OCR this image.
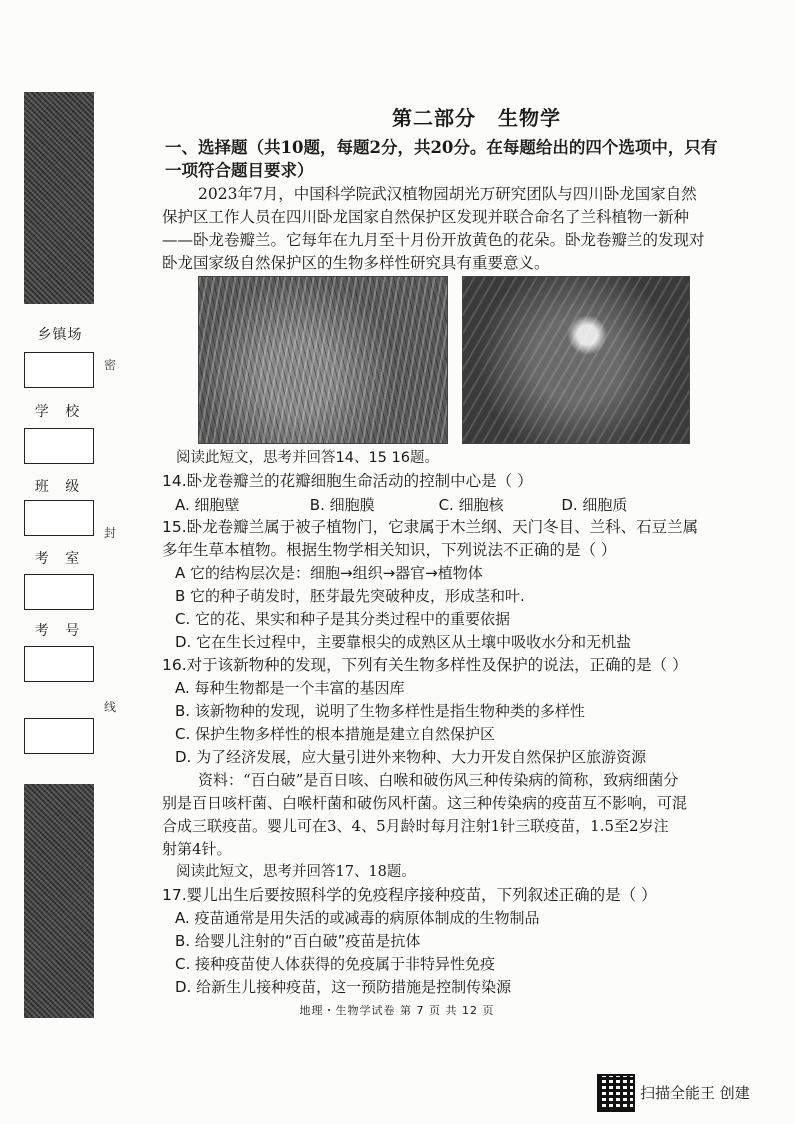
乡镇场
学 校
班 级
考 室
考 号
密
封
线
第二部分 生物学
一、选择题（共10题，每题2分，共20分。在每题给出的四个选项中，只有
一项符合题目要求）
2023年7月，中国科学院武汉植物园胡光万研究团队与四川卧龙国家自然
保护区工作人员在四川卧龙国家自然保护区发现并联合命名了兰科植物一新种
——卧龙卷瓣兰。它每年在九月至十月份开放黄色的花朵。卧龙卷瓣兰的发现对
卧龙国家级自然保护区的生物多样性研究具有重要意义。
阅读此短文，思考并回答14、15 16题。
14.卧龙卷瓣兰的花瓣细胞生命活动的控制中心是（ ）
A. 细胞壁	B. 细胞膜	C. 细胞核	D. 细胞质
15.卧龙卷瓣兰属于被子植物门，它隶属于木兰纲、天门冬目、兰科、石豆兰属
多年生草本植物。根据生物学相关知识，下列说法不正确的是（ ）
A 它的结构层次是：细胞→组织→器官→植物体
B 它的种子萌发时，胚芽最先突破种皮，形成茎和叶.
C. 它的花、果实和种子是其分类过程中的重要依据
D. 它在生长过程中，主要靠根尖的成熟区从土壤中吸收水分和无机盐
16.对于该新物种的发现，下列有关生物多样性及保护的说法，正确的是（ ）
A. 每种生物都是一个丰富的基因库
B. 该新物种的发现，说明了生物多样性是指生物种类的多样性
C. 保护生物多样性的根本措施是建立自然保护区
D. 为了经济发展，应大量引进外来物种、大力开发自然保护区旅游资源
资料：“百白破”是百日咳、白喉和破伤风三种传染病的简称，致病细菌分
别是百日咳杆菌、白喉杆菌和破伤风杆菌。这三种传染病的疫苗互不影响，可混
合成三联疫苗。婴儿可在3、4、5月龄时每月注射1针三联疫苗，1.5至2岁注
射第4针。
阅读此短文，思考并回答17、18题。
17.婴儿出生后要按照科学的免疫程序接种疫苗，下列叙述正确的是（ ）
A. 疫苗通常是用失活的或减毒的病原体制成的生物制品
B. 给婴儿注射的“百白破”疫苗是抗体
C. 接种疫苗使人体获得的免疫属于非特异性免疫
D. 给新生儿接种疫苗，这一预防措施是控制传染源
地理・生物学试卷 第 7 页 共 12 页
扫描全能王 创建
